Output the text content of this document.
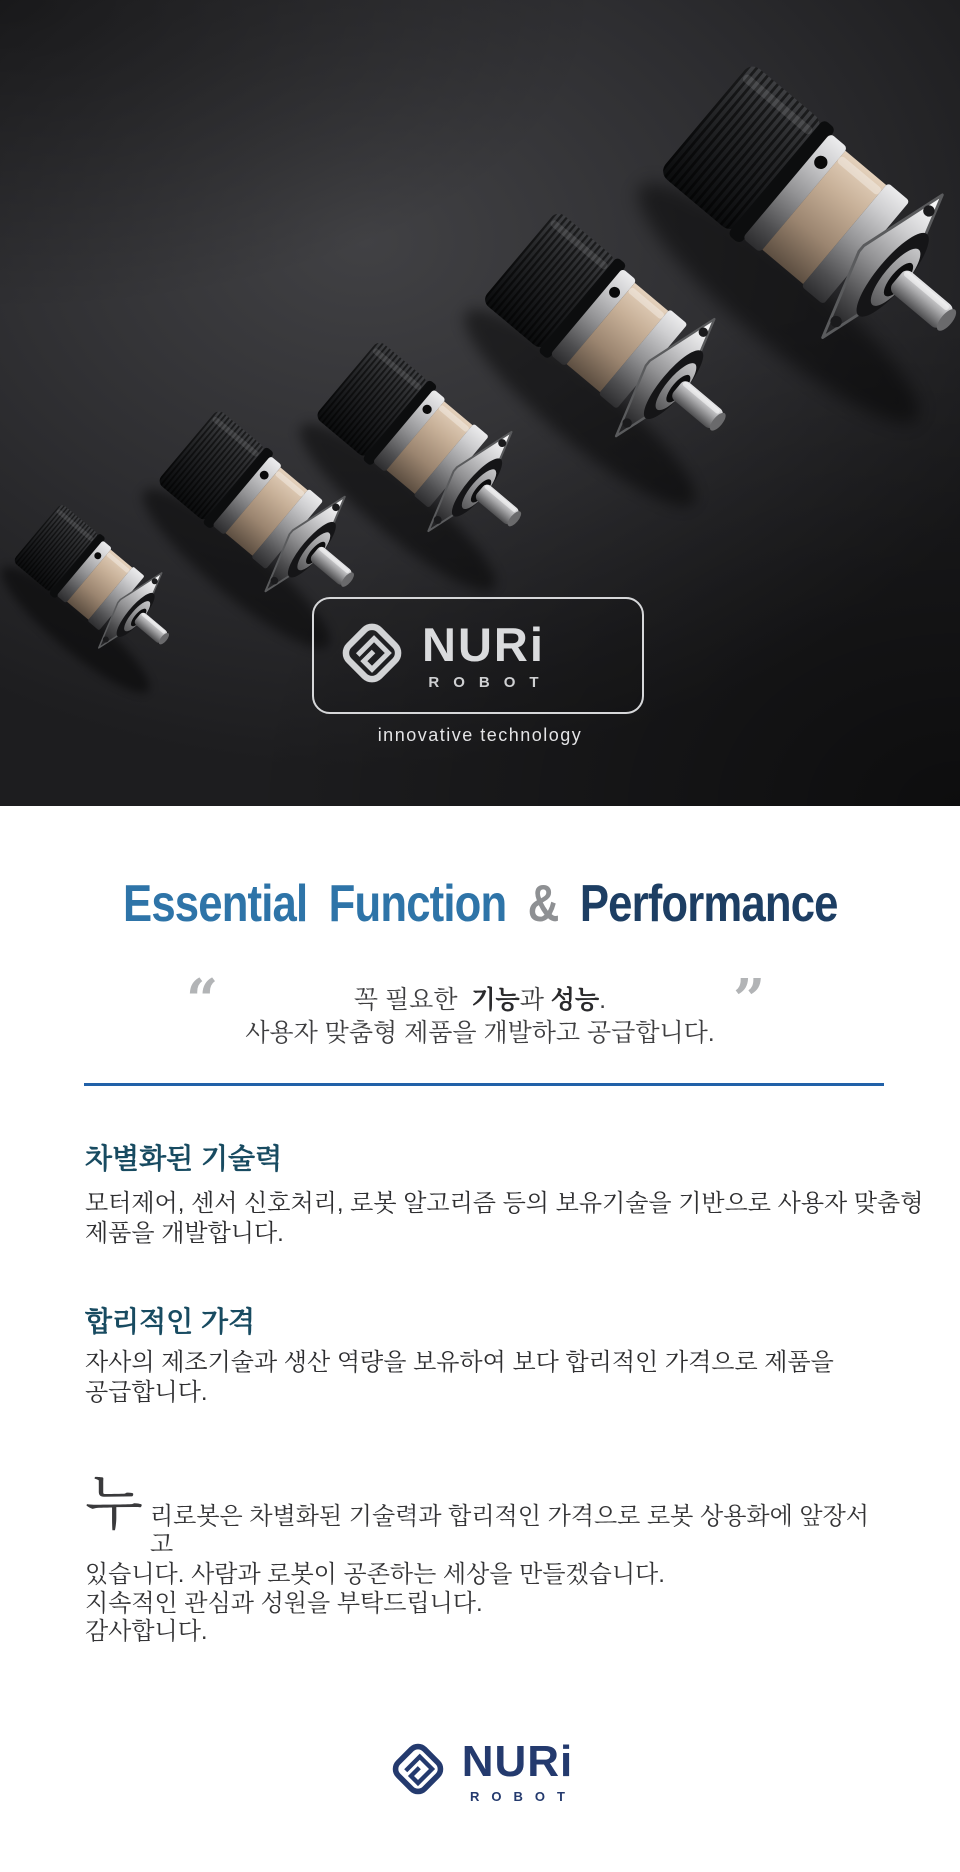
NURi
ROBOT
innovative technology
Essential Function & Performance
“	”
꼭 필요한  기능과 성능.
사용자 맞춤형 제품을 개발하고 공급합니다.
차별화된 기술력
모터제어, 센서 신호처리, 로봇 알고리즘 등의 보유기술을 기반으로 사용자 맞춤형
제품을 개발합니다.
합리적인 가격
자사의 제조기술과 생산 역량을 보유하여 보다 합리적인 가격으로 제품을
공급합니다.
누 리로봇은 차별화된 기술력과 합리적인 가격으로 로봇 상용화에 앞장서고
있습니다. 사람과 로봇이 공존하는 세상을 만들겠습니다.
지속적인 관심과 성원을 부탁드립니다.
감사합니다.
NURi
ROBOT
